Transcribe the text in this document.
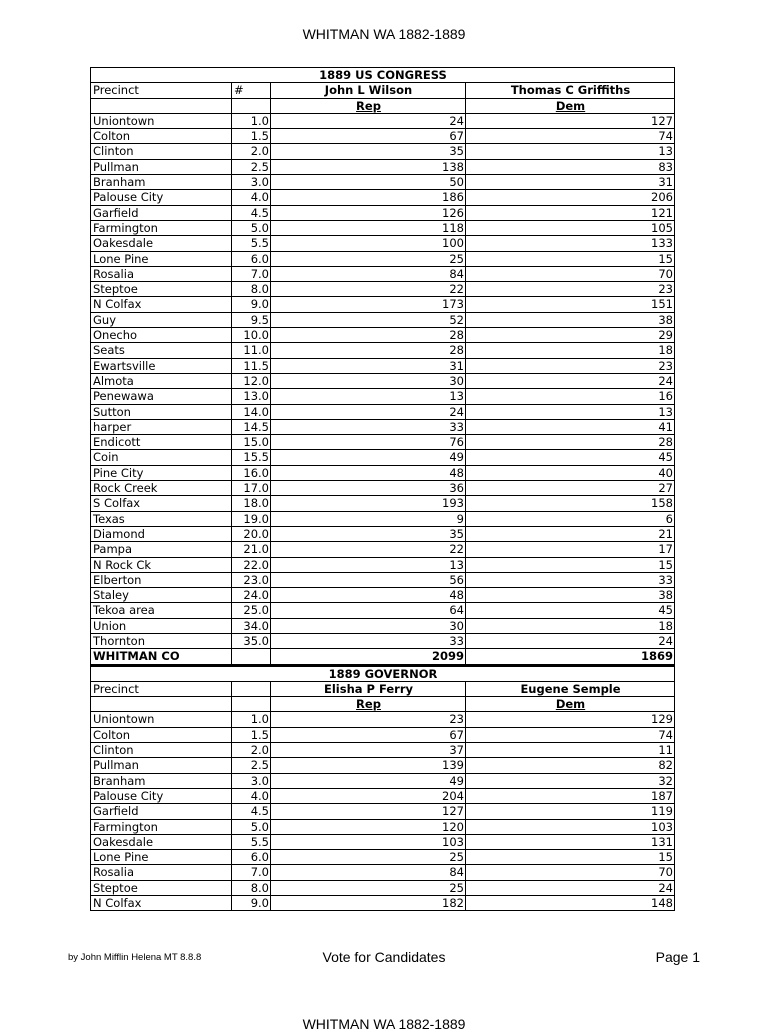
WHITMAN WA 1882-1889
1889 US CONGRESS			
Precinct	#	John L Wilson	Thomas C Griffiths
		Rep	Dem
Uniontown	1.0	24	127
Colton	1.5	67	74
Clinton	2.0	35	13
Pullman	2.5	138	83
Branham	3.0	50	31
Palouse City	4.0	186	206
Garfield	4.5	126	121
Farmington	5.0	118	105
Oakesdale	5.5	100	133
Lone Pine	6.0	25	15
Rosalia	7.0	84	70
Steptoe	8.0	22	23
N Colfax	9.0	173	151
Guy	9.5	52	38
Onecho	10.0	28	29
Seats	11.0	28	18
Ewartsville	11.5	31	23
Almota	12.0	30	24
Penewawa	13.0	13	16
Sutton	14.0	24	13
harper	14.5	33	41
Endicott	15.0	76	28
Coin	15.5	49	45
Pine City	16.0	48	40
Rock Creek	17.0	36	27
S Colfax	18.0	193	158
Texas	19.0	9	6
Diamond	20.0	35	21
Pampa	21.0	22	17
N Rock Ck	22.0	13	15
Elberton	23.0	56	33
Staley	24.0	48	38
Tekoa area	25.0	64	45
Union	34.0	30	18
Thornton	35.0	33	24
WHITMAN CO		2099	1869
1889 GOVERNOR			
Precinct		Elisha P Ferry	Eugene Semple
		Rep	Dem
Uniontown	1.0	23	129
Colton	1.5	67	74
Clinton	2.0	37	11
Pullman	2.5	139	82
Branham	3.0	49	32
Palouse City	4.0	204	187
Garfield	4.5	127	119
Farmington	5.0	120	103
Oakesdale	5.5	103	131
Lone Pine	6.0	25	15
Rosalia	7.0	84	70
Steptoe	8.0	25	24
N Colfax	9.0	182	148
by John Mifflin Helena MT 8.8.8	Vote for Candidates	Page 1
WHITMAN WA 1882-1889
